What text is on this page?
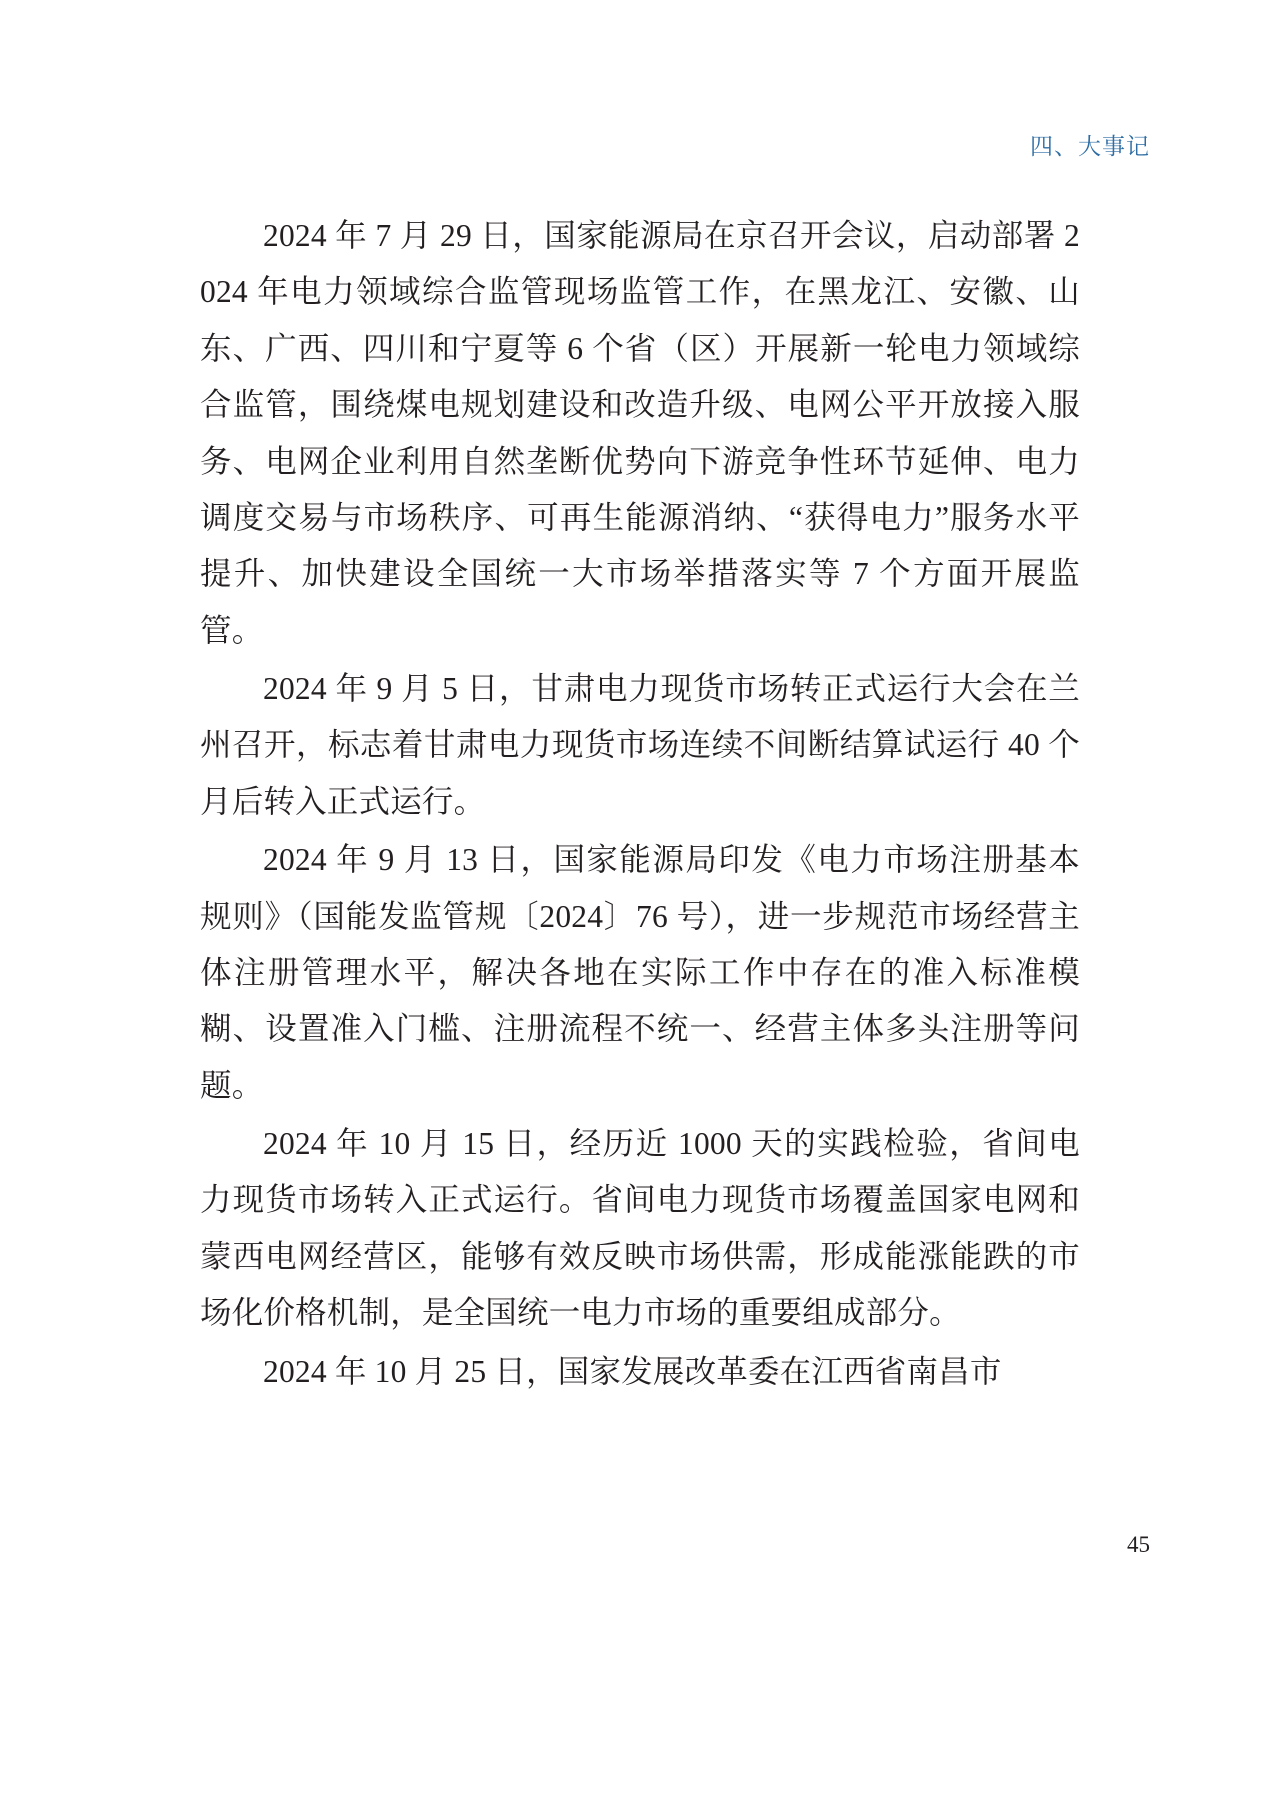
四、大事记

2024 年 7 月 29 日，国家能源局在京召开会议，启动部署 2024 年电力领域综合监管现场监管工作，在黑龙江、安徽、山东、广西、四川和宁夏等 6 个省（区）开展新一轮电力领域综合监管，围绕煤电规划建设和改造升级、电网公平开放接入服务、电网企业利用自然垄断优势向下游竞争性环节延伸、电力调度交易与市场秩序、可再生能源消纳、“获得电力”服务水平提升、加快建设全国统一大市场举措落实等 7 个方面开展监管。

2024 年 9 月 5 日，甘肃电力现货市场转正式运行大会在兰州召开，标志着甘肃电力现货市场连续不间断结算试运行 40 个月后转入正式运行。

2024 年 9 月 13 日，国家能源局印发《电力市场注册基本规则》（国能发监管规〔2024〕76 号），进一步规范市场经营主体注册管理水平，解决各地在实际工作中存在的准入标准模糊、设置准入门槛、注册流程不统一、经营主体多头注册等问题。

2024 年 10 月 15 日，经历近 1000 天的实践检验，省间电力现货市场转入正式运行。省间电力现货市场覆盖国家电网和蒙西电网经营区，能够有效反映市场供需，形成能涨能跌的市场化价格机制，是全国统一电力市场的重要组成部分。

2024 年 10 月 25 日，国家发展改革委在江西省南昌市

45
